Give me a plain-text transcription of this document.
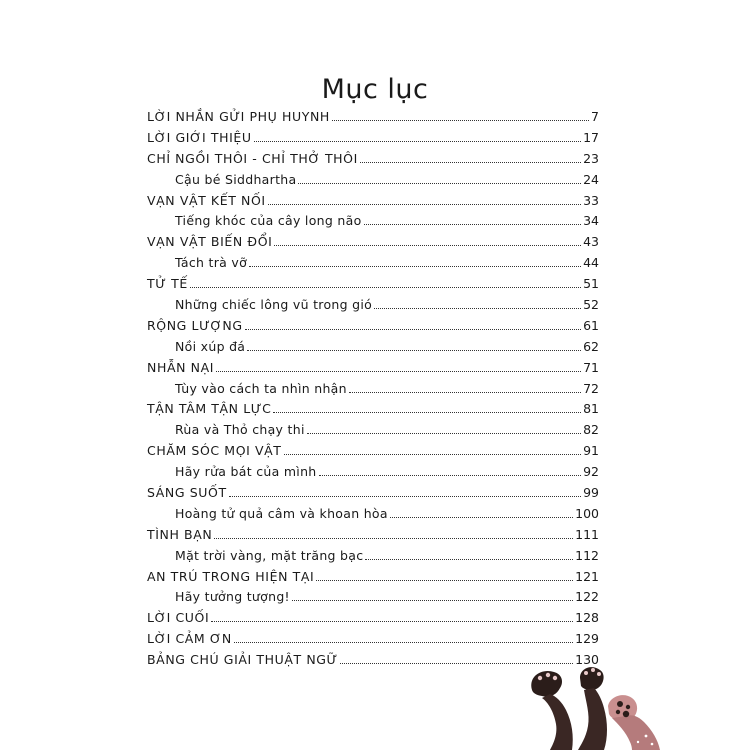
Mục lục
LỜI NHẮN GỬI PHỤ HUYNH	7
LỜI GIỚI THIỆU	17
CHỈ NGỒI THÔI - CHỈ THỞ THÔI	23
Cậu bé Siddhartha	24
VẠN VẬT KẾT NỐI	33
Tiếng khóc của cây long não	34
VẠN VẬT BIẾN ĐỔI	43
Tách trà vỡ	44
TỬ TẾ	51
Những chiếc lông vũ trong gió	52
RỘNG LƯỢNG	61
Nồi xúp đá	62
NHẪN NẠI	71
Tùy vào cách ta nhìn nhận	72
TẬN TÂM TẬN LỰC	81
Rùa và Thỏ chạy thi	82
CHĂM SÓC MỌI VẬT	91
Hãy rửa bát của mình	92
SÁNG SUỐT	99
Hoàng tử quả câm và khoan hòa	100
TÌNH BẠN	111
Mặt trời vàng, mặt trăng bạc	112
AN TRÚ TRONG HIỆN TẠI	121
Hãy tưởng tượng!	122
LỜI CUỐI	128
LỜI CẢM ƠN	129
BẢNG CHÚ GIẢI THUẬT NGỮ	130
